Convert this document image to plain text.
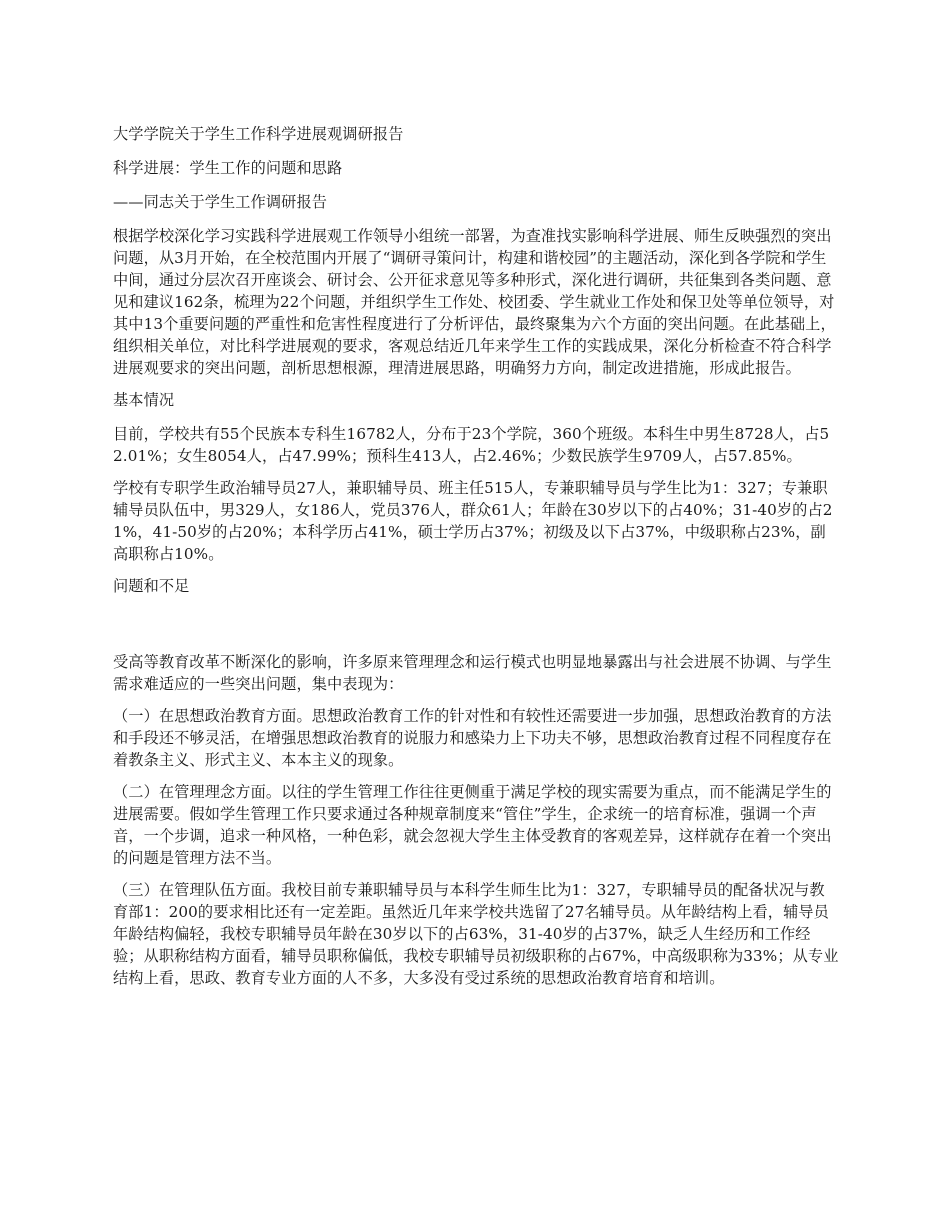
大学学院关于学生工作科学进展观调研报告

科学进展：学生工作的问题和思路

——同志关于学生工作调研报告

根据学校深化学习实践科学进展观工作领导小组统一部署，为查准找实影响科学进展、师生反映强烈的突出问题，从3月开始，在全校范围内开展了“调研寻策问计，构建和谐校园”的主题活动，深化到各学院和学生中间，通过分层次召开座谈会、研讨会、公开征求意见等多种形式，深化进行调研，共征集到各类问题、意见和建议162条，梳理为22个问题，并组织学生工作处、校团委、学生就业工作处和保卫处等单位领导，对其中13个重要问题的严重性和危害性程度进行了分析评估，最终聚集为六个方面的突出问题。在此基础上，组织相关单位，对比科学进展观的要求，客观总结近几年来学生工作的实践成果，深化分析检查不符合科学进展观要求的突出问题，剖析思想根源，理清进展思路，明确努力方向，制定改进措施，形成此报告。

基本情况

目前，学校共有55个民族本专科生16782人，分布于23个学院，360个班级。本科生中男生8728人，占52.01%；女生8054人，占47.99%；预科生413人，占2.46%；少数民族学生9709人，占57.85%。

学校有专职学生政治辅导员27人，兼职辅导员、班主任515人，专兼职辅导员与学生比为1：327；专兼职辅导员队伍中，男329人，女186人，党员376人，群众61人；年龄在30岁以下的占40%；31-40岁的占21%，41-50岁的占20%；本科学历占41%，硕士学历占37%；初级及以下占37%，中级职称占23%，副高职称占10%。

问题和不足

受高等教育改革不断深化的影响，许多原来管理理念和运行模式也明显地暴露出与社会进展不协调、与学生需求难适应的一些突出问题，集中表现为：

（一）在思想政治教育方面。思想政治教育工作的针对性和有较性还需要进一步加强，思想政治教育的方法和手段还不够灵活，在增强思想政治教育的说服力和感染力上下功夫不够，思想政治教育过程不同程度存在着教条主义、形式主义、本本主义的现象。

（二）在管理理念方面。以往的学生管理工作往往更侧重于满足学校的现实需要为重点，而不能满足学生的进展需要。假如学生管理工作只要求通过各种规章制度来“管住”学生，企求统一的培育标准，强调一个声音，一个步调，追求一种风格，一种色彩，就会忽视大学生主体受教育的客观差异，这样就存在着一个突出的问题是管理方法不当。

（三）在管理队伍方面。我校目前专兼职辅导员与本科学生师生比为1：327，专职辅导员的配备状况与教育部1：200的要求相比还有一定差距。虽然近几年来学校共选留了27名辅导员。从年龄结构上看，辅导员年龄结构偏轻，我校专职辅导员年龄在30岁以下的占63%，31-40岁的占37%，缺乏人生经历和工作经验；从职称结构方面看，辅导员职称偏低，我校专职辅导员初级职称的占67%，中高级职称为33%；从专业结构上看，思政、教育专业方面的人不多，大多没有受过系统的思想政治教育培育和培训。
